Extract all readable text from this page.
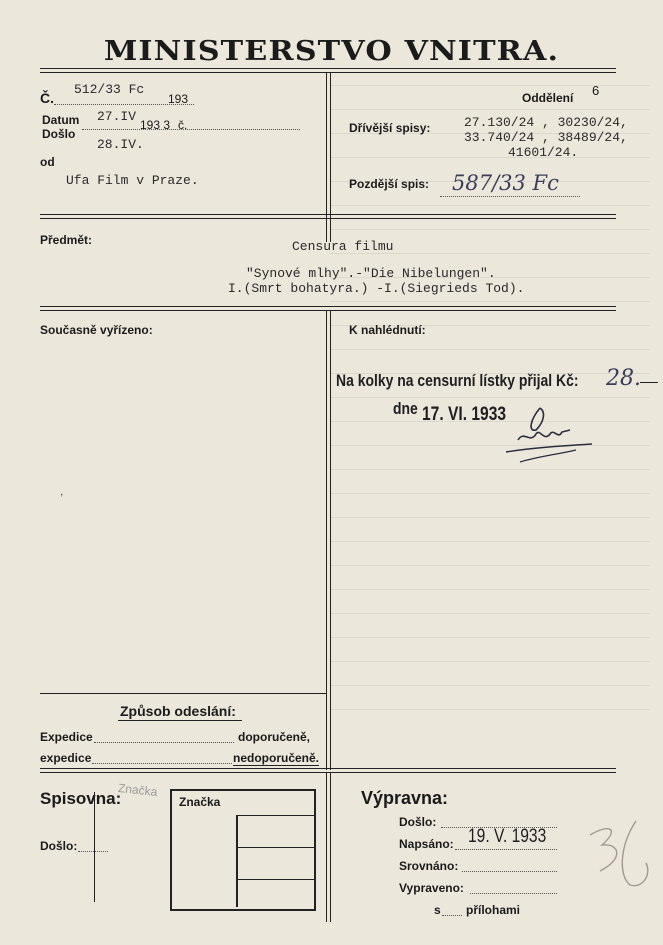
MINISTERSTVO VNITRA.
Č.
512/33 Fc
193
Datum 27.IV
193 3 č.
Došlo
28.IV.
od
Ufa Film v Praze.
Oddělení 6
Dřívější spisy:	27.130/24 , 30230/24,
33.740/24 , 38489/24,
41601/24.
Pozdější spis: 587/33 Fc
Předmět:	Censura filmu
"Synové mlhy".-"Die Nibelungen".
I.(Smrt bohatyra.) -I.(Siegrieds Tod).
Současně vyřízeno:	K nahlédnutí:
Na kolky na censurní lístky přijal Kč: 28.
dne 17. VI. 1933
,
Způsob odeslání:
Expedice	doporučeně,
expedice	nedoporučeně.
Spisovna:
Značka
Došlo:
Značka	Výpravna:
Došlo:
Napsáno: 19. V. 1933
Srovnáno:
Vypraveno:
s přílohami
